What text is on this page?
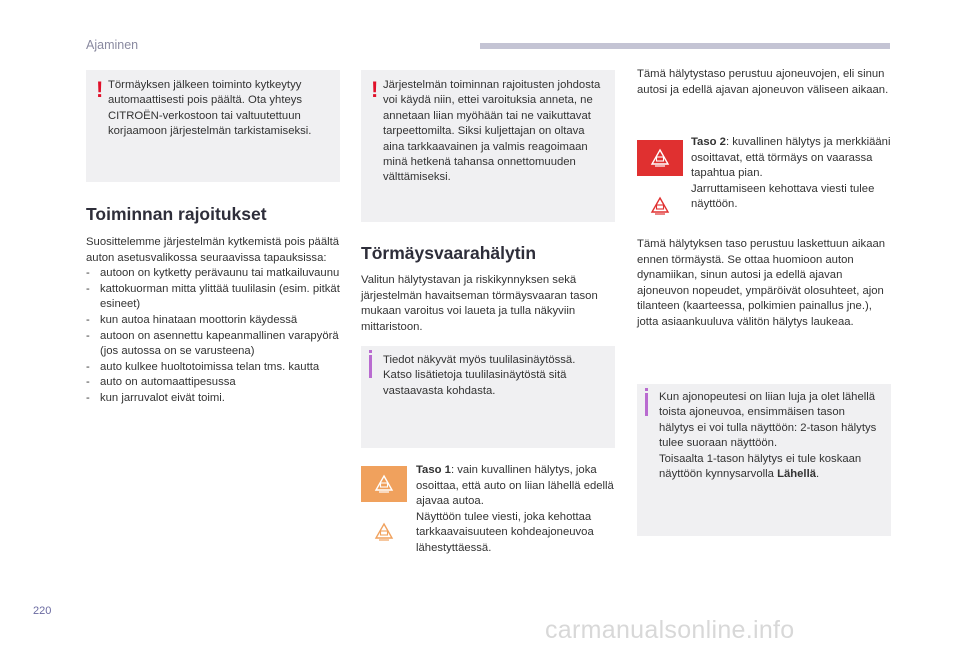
Ajaminen
! Törmäyksen jälkeen toiminto kytkeytyy automaattisesti pois päältä. Ota yhteys CITROËN-verkostoon tai valtuutettuun korjaamoon järjestelmän tarkistamiseksi.

Toiminnan rajoitukset

Suosittelemme järjestelmän kytkemistä pois päältä auton asetusvalikossa seuraavissa tapauksissa:

- autoon on kytketty perävaunu tai matkailuvaunu
- kattokuorman mitta ylittää tuulilasin (esim. pitkät esineet)
- kun autoa hinataan moottorin käydessä
- autoon on asennettu kapeanmallinen varapyörä (jos autossa on se varusteena)
- auto kulkee huoltotoimissa telan tms. kautta
- auto on automaattipesussa
- kun jarruvalot eivät toimi.
! Järjestelmän toiminnan rajoitusten johdosta voi käydä niin, ettei varoituksia anneta, ne annetaan liian myöhään tai ne vaikuttavat tarpeettomilta. Siksi kuljettajan on oltava aina tarkkaavainen ja valmis reagoimaan minä hetkenä tahansa onnettomuuden välttämiseksi.

Törmäysvaarahälytin

Valitun hälytystavan ja riskikynnyksen sekä järjestelmän havaitseman törmäysvaaran tason mukaan varoitus voi laueta ja tulla näkyviin mittaristoon.

Tiedot näkyvät myös tuulilasinäytössä. Katso lisätietoja tuulilasinäytöstä sitä vastaavasta kohdasta.

Taso 1: vain kuvallinen hälytys, joka osoittaa, että auto on liian lähellä edellä ajavaa autoa.

Näyttöön tulee viesti, joka kehottaa tarkkaavaisuuteen kohdeajoneuvoa lähestyttäessä.

Tämä hälytystaso perustuu ajoneuvojen, eli sinun autosi ja edellä ajavan ajoneuvon väliseen aikaan.

Taso 2: kuvallinen hälytys ja merkkiääni osoittavat, että törmäys on vaarassa tapahtua pian.

Jarruttamiseen kehottava viesti tulee näyttöön.

Tämä hälytyksen taso perustuu laskettuun aikaan ennen törmäystä. Se ottaa huomioon auton dynamiikan, sinun autosi ja edellä ajavan ajoneuvon nopeudet, ympäröivät olosuhteet, ajon tilanteen (kaarteessa, polkimien painallus jne.), jotta asiaankuuluva välitön hälytys laukeaa.

Kun ajonopeutesi on liian luja ja olet lähellä toista ajoneuvoa, ensimmäisen tason hälytys ei voi tulla näyttöön: 2-tason hälytys tulee suoraan näyttöön.

Toisaalta 1-tason hälytys ei tule koskaan näyttöön kynnysarvolla Lähellä.

220
carmanualsonline.info
